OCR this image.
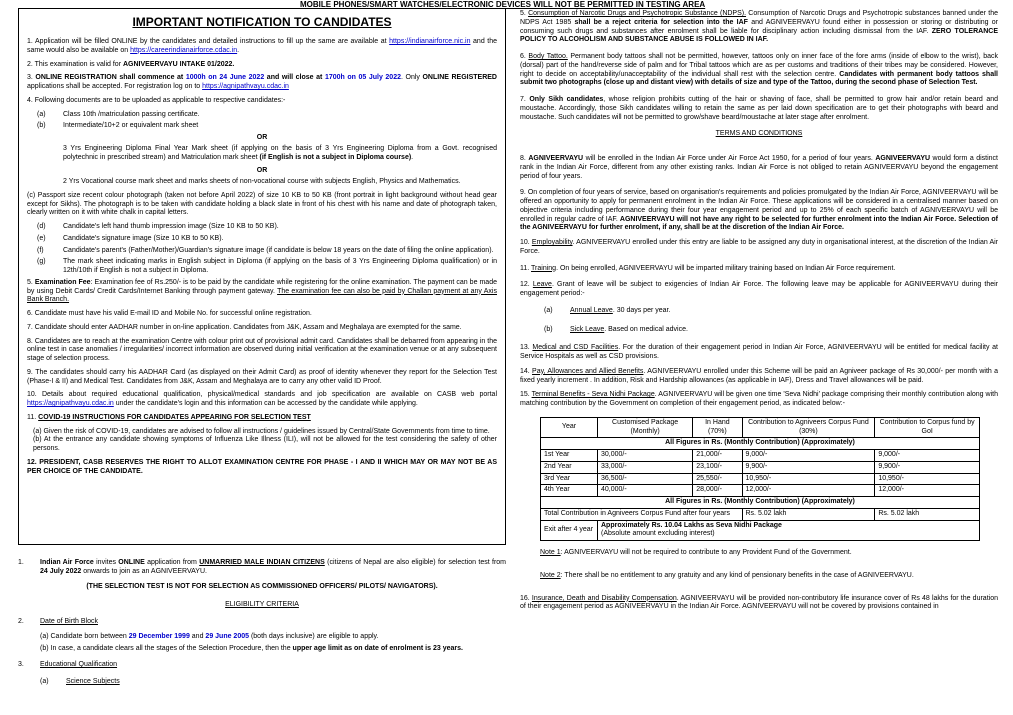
MOBILE PHONES/SMART WATCHES/ELECTRONIC DEVICES WILL NOT BE PERMITTED IN TESTING AREA
IMPORTANT NOTIFICATION TO CANDIDATES

1. Application will be filled ONLINE by the candidates and detailed instructions to fill up the same are available at https://indianairforce.nic.in and the same would also be available on https://careerindianairforce.cdac.in.

2. This examination is valid for AGNIVEERVAYU INTAKE 01/2022.

3. ONLINE REGISTRATION shall commence at 1000h on 24 June 2022 and will close at 1700h on 05 July 2022. Only ONLINE REGISTERED applications shall be accepted. For registration log on to https://agnipathvayu.cdac.in

4. Following documents are to be uploaded as applicable to respective candidates:-

(a)	Class 10th /matriculation passing certificate.
(b)	Intermediate/10+2 or equivalent mark sheet
OR

3 Yrs Engineering Diploma Final Year Mark sheet (if applying on the basis of 3 Yrs Engineering Diploma from a Govt. recognised polytechnic in prescribed stream) and Matriculation mark sheet (if English is not a subject in Diploma course).

OR

2 Yrs Vocational course mark sheet and marks sheets of non-vocational course with subjects English, Physics and Mathematics.

(c) Passport size recent colour photograph (taken not before April 2022) of size 10 KB to 50 KB (front portrait in light background without head gear except for Sikhs). The photograph is to be taken with candidate holding a black slate in front of his chest with his name and date of photograph taken, clearly written on it with white chalk in capital letters.

(d)	Candidate's left hand thumb impression image (Size 10 KB to 50 KB).
(e)	Candidate's signature image (Size 10 KB to 50 KB).
(f)	Candidate's parent's (Father/Mother)/Guardian's signature image (if candidate is below 18 years on the date of filing the online application).
(g)	The mark sheet indicating marks in English subject in Diploma (if applying on the basis of 3 Yrs Engineering Diploma qualification) or in 12th/10th if English is not a subject in Diploma.

5. Examination Fee: Examination fee of Rs.250/- is to be paid by the candidate while registering for the online examination. The payment can be made by using Debit Cards/ Credit Cards/Internet Banking through payment gateway. The examination fee can also be paid by Challan payment at any Axis Bank Branch.

6. Candidate must have his valid E-mail ID and Mobile No. for successful online registration.

7. Candidate should enter AADHAR number in on-line application. Candidates from J&K, Assam and Meghalaya are exempted for the same.

8. Candidates are to reach at the examination Centre with colour print out of provisional admit card. Candidates shall be debarred from appearing in the online test in case anomalies / irregularities/ incorrect information are observed during initial verification at the examination venue or at any subsequent stage of selection process.

9. The candidates should carry his AADHAR Card (as displayed on their Admit Card) as proof of identity whenever they report for the Selection Test (Phase-I & II) and Medical Test. Candidates from J&K, Assam and Meghalaya are to carry any other valid ID Proof.

10. Details about required educational qualification, physical/medical standards and job specification are available on CASB web portal https://agnipathvayu.cdac.in under the candidate's login and this information can be accessed by the candidate while applying.

11. COVID-19 INSTRUCTIONS FOR CANDIDATES APPEARING FOR SELECTION TEST

(a) Given the risk of COVID-19, candidates are advised to follow all instructions / guidelines issued by Central/State Governments from time to time.

(b) At the entrance any candidate showing symptoms of Influenza Like Illness (ILI), will not be allowed for the test considering the safety of other persons.

12. PRESIDENT, CASB RESERVES THE RIGHT TO ALLOT EXAMINATION CENTRE FOR PHASE - I AND II WHICH MAY OR MAY NOT BE AS PER CHOICE OF THE CANDIDATE.

1.	Indian Air Force invites ONLINE application from UNMARRIED MALE INDIAN CITIZENS (citizens of Nepal are also eligible) for selection test from 24 July 2022 onwards to join as an AGNIVEERVAYU.
(THE SELECTION TEST IS NOT FOR SELECTION AS COMMISSIONED OFFICERS/ PILOTS/ NAVIGATORS).
ELIGIBILITY CRITERIA
2.	Date of Birth Block
(a) Candidate born between 29 December 1999 and 29 June 2005 (both days inclusive) are eligible to apply.
(b) In case, a candidate clears all the stages of the Selection Procedure, then the upper age limit as on date of enrolment is 23 years.
3.	Educational Qualification
(a)	Science Subjects

5. Consumption of Narcotic Drugs and Psychotropic Substance (NDPS). Consumption of Narcotic Drugs and Psychotropic substances banned under the NDPS Act 1985 shall be a reject criteria for selection into the IAF and AGNIVEERVAYU found either in possession or storing or distributing or consuming such drugs and substances after enrolment shall be liable for disciplinary action including dismissal from the IAF. ZERO TOLERANCE POLICY TO ALCOHOLISM AND SUBSTANCE ABUSE IS FOLLOWED IN IAF.

6. Body Tattoo. Permanent body tattoos shall not be permitted, however, tattoos only on inner face of the fore arms (inside of elbow to the wrist), back (dorsal) part of the hand/reverse side of palm and for Tribal tattoos which are as per customs and traditions of their tribes may be considered. However, right to decide on acceptability/unacceptability of the individual shall rest with the selection centre. Candidates with permanent body tattoos shall submit two photographs (close up and distant view) with details of size and type of the Tattoo, during the second phase of Selection Test.

7. Only Sikh candidates, whose religion prohibits cutting of the hair or shaving of face, shall be permitted to grow hair and/or retain beard and moustache. Accordingly, those Sikh candidates willing to retain the same as per laid down specification are to get their photographs with beard and moustache. Such candidates will not be permitted to grow/shave beard/moustache at later stage after enrolment.

TERMS AND CONDITIONS

8. AGNIVEERVAYU will be enrolled in the Indian Air Force under Air Force Act 1950, for a period of four years. AGNIVEERVAYU would form a distinct rank in the Indian Air Force, different from any other existing ranks. Indian Air Force is not obliged to retain AGNIVEERVAYU beyond the engagement period of four years.

9. On completion of four years of service, based on organisation's requirements and policies promulgated by the Indian Air Force, AGNIVEERVAYU will be offered an opportunity to apply for permanent enrolment in the Indian Air Force. These applications will be considered in a centralised manner based on objective criteria including performance during their four year engagement period and up to 25% of each specific batch of AGNIVEERVAYU will be enrolled in regular cadre of IAF. AGNIVEERVAYU will not have any right to be selected for further enrolment into the Indian Air Force. Selection of the AGNIVEERVAYU for further enrolment, if any, shall be at the discretion of the Indian Air Force.

10. Employability. AGNIVEERVAYU enrolled under this entry are liable to be assigned any duty in organisational interest, at the discretion of the Indian Air Force.

11. Training. On being enrolled, AGNIVEERVAYU will be imparted military training based on Indian Air Force requirement.

12. Leave. Grant of leave will be subject to exigencies of Indian Air Force. The following leave may be applicable for AGNIVEERVAYU during their engagement period:-

(a)	Annual Leave. 30 days per year.
(b)	Sick Leave. Based on medical advice.

13. Medical and CSD Facilities. For the duration of their engagement period in Indian Air Force, AGNIVEERVAYU will be entitled for medical facility at Service Hospitals as well as CSD provisions.

14. Pay, Allowances and Allied Benefits. AGNIVEERVAYU enrolled under this Scheme will be paid an Agniveer package of Rs 30,000/- per month with a fixed yearly increment . In addition, Risk and Hardship allowances (as applicable in IAF), Dress and Travel allowances will be paid.

15. Terminal Benefits - Seva Nidhi Package. AGNIVEERVAYU will be given one time 'Seva Nidhi' package comprising their monthly contribution along with matching contribution by the Government on completion of their engagement period, as indicated below:-

Year	Customised Package (Monthly)	In Hand (70%)	Contribution to Agniveers Corpus Fund (30%)	Contribution to Corpus fund by GoI
All Figures in Rs. (Monthly Contribution) (Approximately)				
1st Year	30,000/-	21,000/-	9,000/-	9,000/-
2nd Year	33,000/-	23,100/-	9,900/-	9,900/-
3rd Year	36,500/-	25,550/-	10,950/-	10,950/-
4th Year	40,000/-	28,000/-	12,000/-	12,000/-
All Figures in Rs. (Monthly Contribution) (Approximately)				
Total Contribution in Agniveers Corpus Fund after four years			Rs. 5.02 lakh	Rs. 5.02 lakh
Exit after 4 year	Approximately Rs. 10.04 Lakhs as Seva Nidhi Package
(Absolute amount excluding interest)			

Note 1: AGNIVEERVAYU will not be required to contribute to any Provident Fund of the Government.

Note 2: There shall be no entitlement to any gratuity and any kind of pensionary benefits in the case of AGNIVEERVAYU.

16. Insurance, Death and Disability Compensation. AGNIVEERVAYU will be provided non-contributory life insurance cover of Rs 48 lakhs for the duration of their engagement period as AGNIVEERVAYU in the Indian Air Force. AGNIVEERVAYU will not be covered by provisions contained in
